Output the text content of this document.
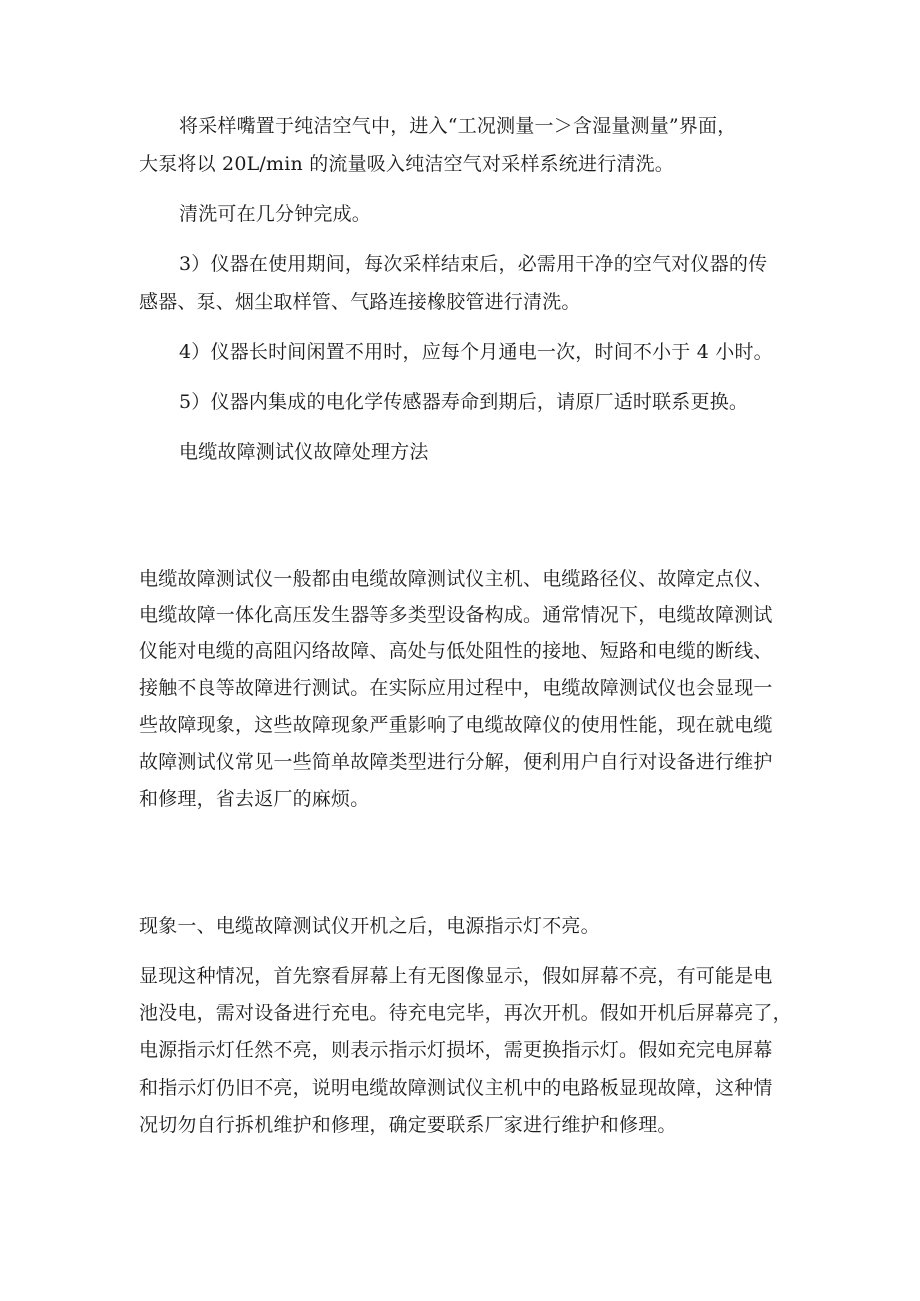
将采样嘴置于纯洁空气中，进入“工况测量一＞含湿量测量”界面，
大泵将以 20L/min 的流量吸入纯洁空气对采样系统进行清洗。
清洗可在几分钟完成。
3）仪器在使用期间，每次采样结束后，必需用干净的空气对仪器的传
感器、泵、烟尘取样管、气路连接橡胶管进行清洗。
4）仪器长时间闲置不用时，应每个月通电一次，时间不小于 4 小时。
5）仪器内集成的电化学传感器寿命到期后，请原厂适时联系更换。
电缆故障测试仪故障处理方法
电缆故障测试仪一般都由电缆故障测试仪主机、电缆路径仪、故障定点仪、
电缆故障一体化高压发生器等多类型设备构成。通常情况下，电缆故障测试
仪能对电缆的高阻闪络故障、高处与低处阻性的接地、短路和电缆的断线、
接触不良等故障进行测试。在实际应用过程中，电缆故障测试仪也会显现一
些故障现象，这些故障现象严重影响了电缆故障仪的使用性能，现在就电缆
故障测试仪常见一些简单故障类型进行分解，便利用户自行对设备进行维护
和修理，省去返厂的麻烦。
现象一、电缆故障测试仪开机之后，电源指示灯不亮。
显现这种情况，首先察看屏幕上有无图像显示，假如屏幕不亮，有可能是电
池没电，需对设备进行充电。待充电完毕，再次开机。假如开机后屏幕亮了，
电源指示灯任然不亮，则表示指示灯损坏，需更换指示灯。假如充完电屏幕
和指示灯仍旧不亮，说明电缆故障测试仪主机中的电路板显现故障，这种情
况切勿自行拆机维护和修理，确定要联系厂家进行维护和修理。
